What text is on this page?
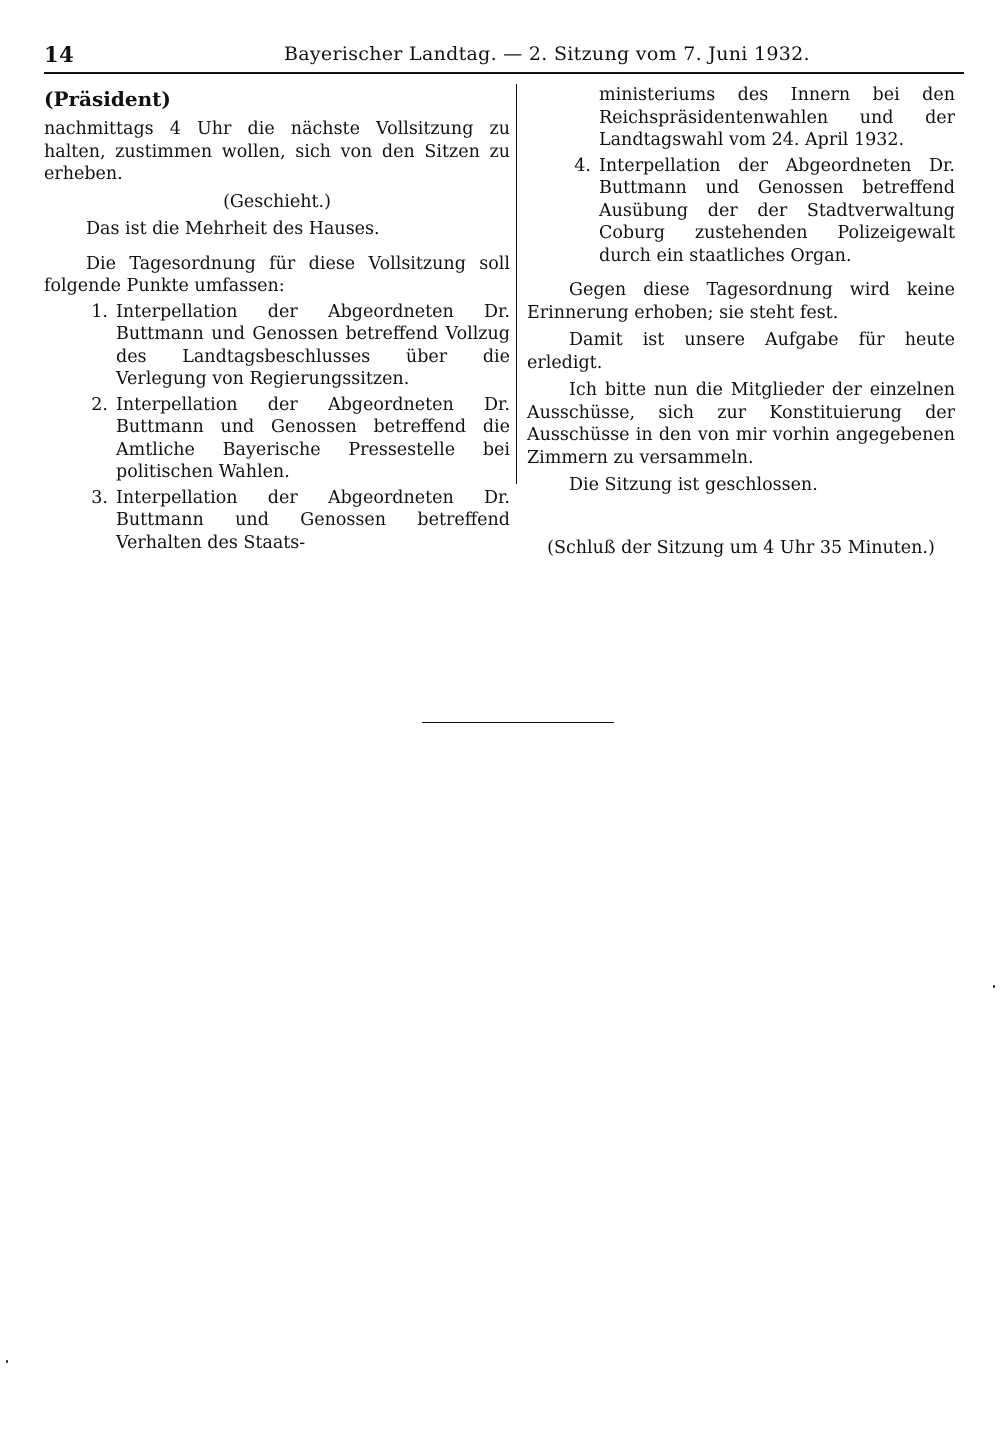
14	Bayerischer Landtag. — 2. Sitzung vom 7. Juni 1932.
(Präsident)

nachmittags 4 Uhr die nächste Vollsitzung zu halten, zustimmen wollen, sich von den Sitzen zu erheben.

(Geschieht.)

Das ist die Mehrheit des Hauses.

Die Tagesordnung für diese Vollsitzung soll folgende Punkte umfassen:

1. Interpellation der Abgeordneten Dr. Buttmann und Genossen betreffend Vollzug des Landtagsbeschlusses über die Verlegung von Regierungssitzen.
2. Interpellation der Abgeordneten Dr. Buttmann und Genossen betreffend die Amtliche Bayerische Pressestelle bei politischen Wahlen.
3. Interpellation der Abgeordneten Dr. Buttmann und Genossen betreffend Verhalten des Staats-

ministeriums des Innern bei den Reichspräsidentenwahlen und der Landtagswahl vom 24. April 1932.

4. Interpellation der Abgeordneten Dr. Buttmann und Genossen betreffend Ausübung der der Stadtverwaltung Coburg zustehenden Polizeigewalt durch ein staatliches Organ.

Gegen diese Tagesordnung wird keine Erinnerung erhoben; sie steht fest.

Damit ist unsere Aufgabe für heute erledigt.

Ich bitte nun die Mitglieder der einzelnen Ausschüsse, sich zur Konstituierung der Ausschüsse in den von mir vorhin angegebenen Zimmern zu versammeln.

Die Sitzung ist geschlossen.

(Schluß der Sitzung um 4 Uhr 35 Minuten.)
